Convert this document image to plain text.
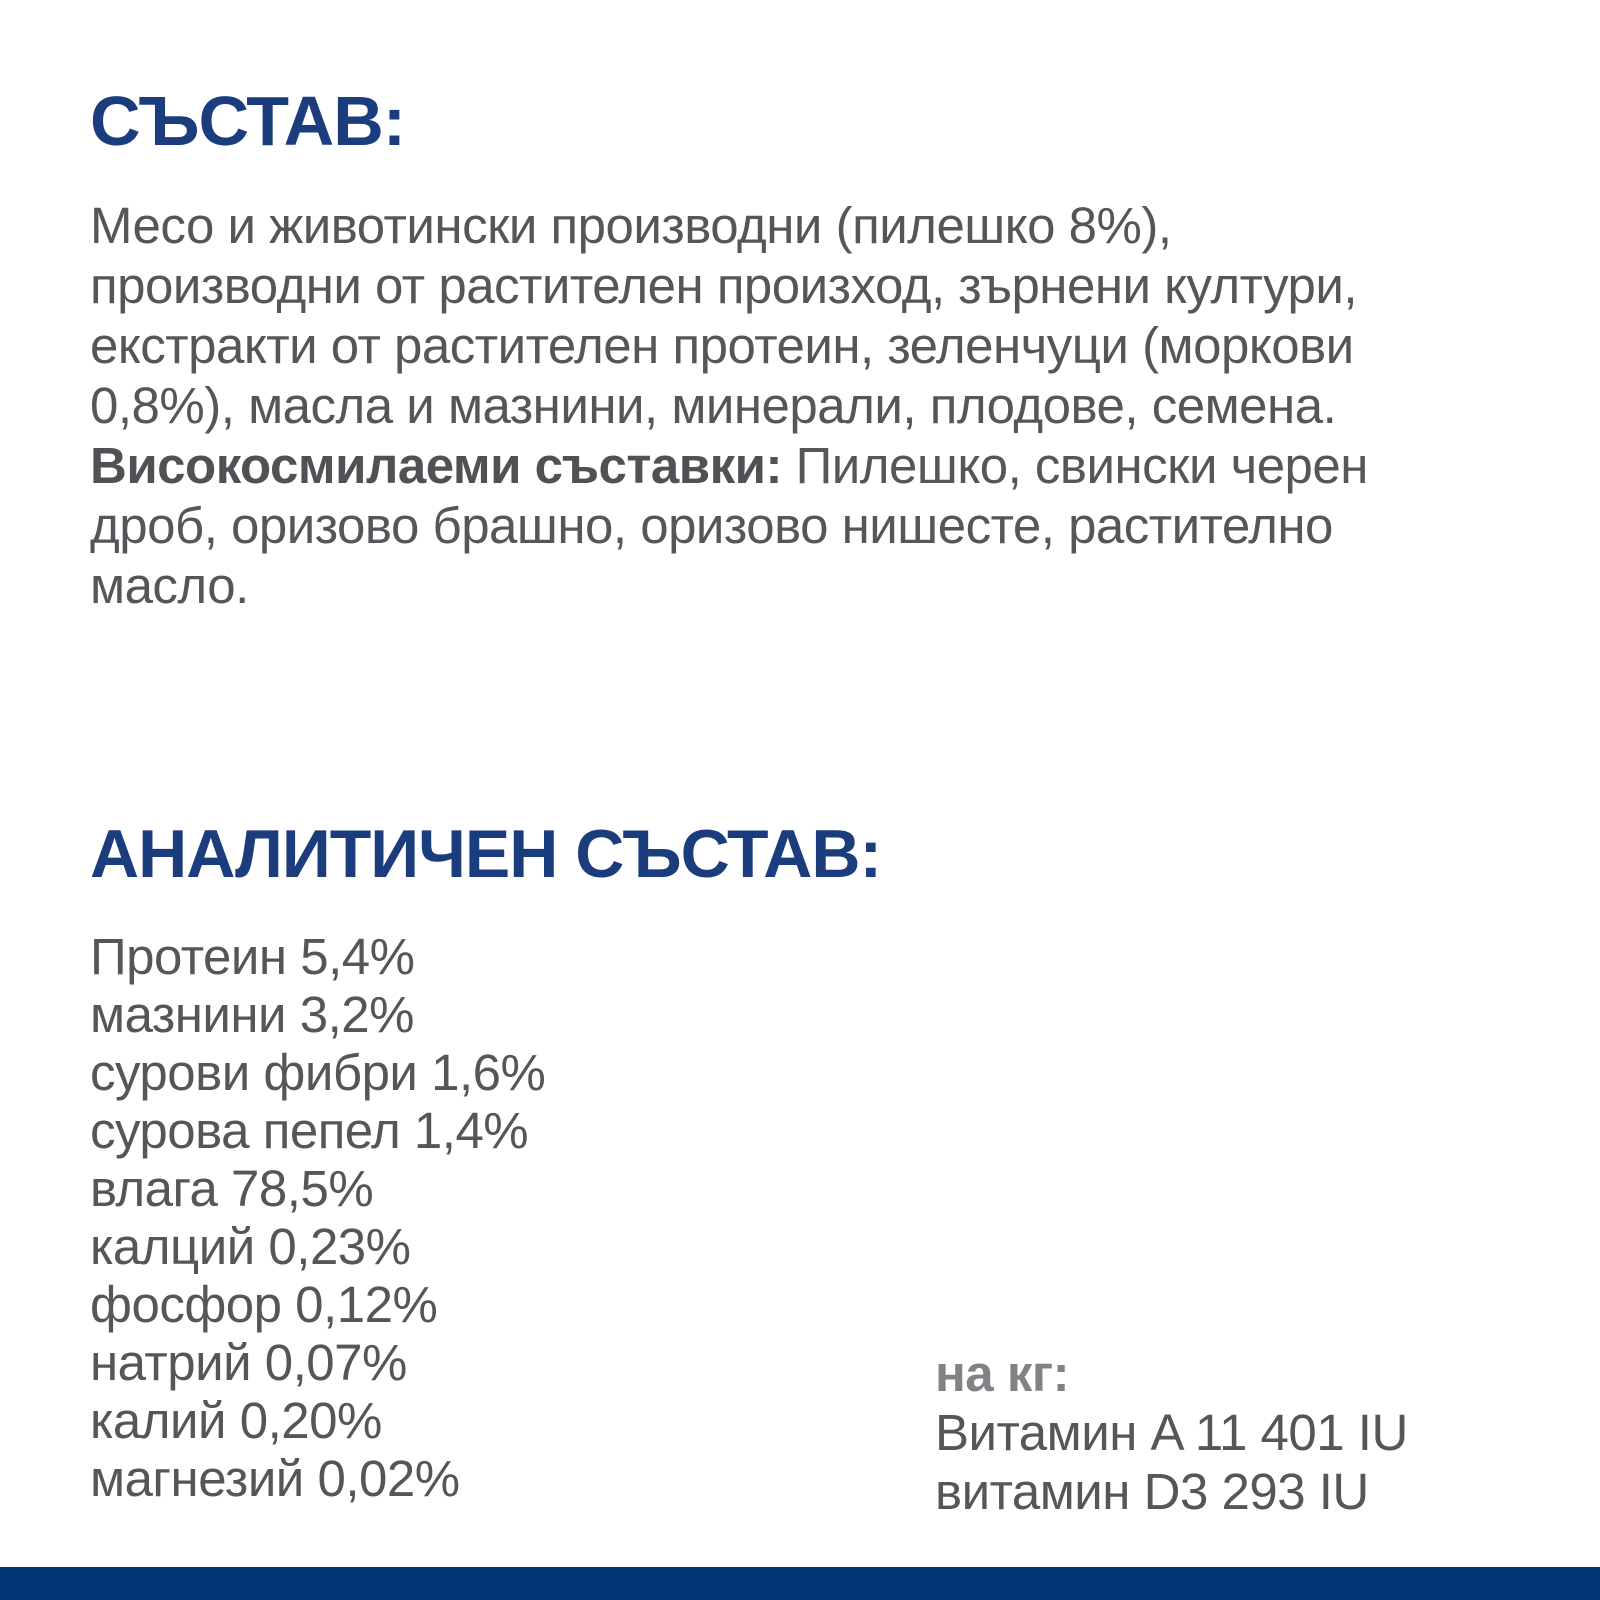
СЪСТАВ:
Месо и животински производни (пилешко 8%),
производни от растителен произход, зърнени култури,
екстракти от растителен протеин, зеленчуци (моркови
0,8%), масла и мазнини, минерали, плодове, семена.
Високосмилаеми съставки: Пилешко, свински черен
дроб, оризово брашно, оризово нишесте, растително
масло.
АНАЛИТИЧЕН СЪСТАВ:
Протеин 5,4%
мазнини 3,2%
сурови фибри 1,6%
сурова пепел 1,4%
влага 78,5%
калций 0,23%
фосфор 0,12%
натрий 0,07%
калий 0,20%
магнезий 0,02%
на кг:
Витамин A 11 401 IU
витамин D3 293 IU
